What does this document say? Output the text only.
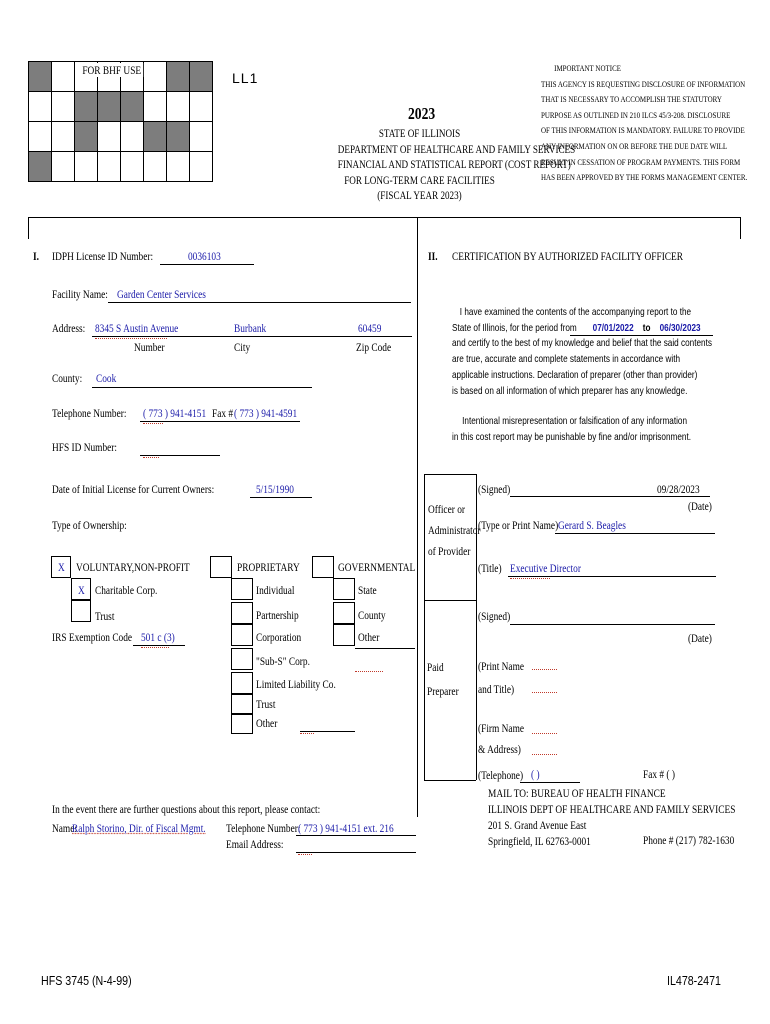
FOR BHF USE	LL1
IMPORTANT NOTICE
THIS AGENCY IS REQUESTING DISCLOSURE OF INFORMATION
THAT IS NECESSARY TO ACCOMPLISH THE STATUTORY
PURPOSE AS OUTLINED IN 210 ILCS 45/3-208. DISCLOSURE
OF THIS INFORMATION IS MANDATORY. FAILURE TO PROVIDE
ANY INFORMATION ON OR BEFORE THE DUE DATE WILL
RESULT IN CESSATION OF PROGRAM PAYMENTS. THIS FORM
HAS BEEN APPROVED BY THE FORMS MANAGEMENT CENTER.
2023
STATE OF ILLINOIS
DEPARTMENT OF HEALTHCARE AND FAMILY SERVICES
FINANCIAL AND STATISTICAL REPORT (COST REPORT)
FOR LONG-TERM CARE FACILITIES
(FISCAL YEAR 2023)
I. IDPH License ID Number:	0036103
Facility Name: Garden Center Services
Address: 8345 S Austin Avenue	Burbank	60459
Number	City	Zip Code
County: Cook
Telephone Number: ( 773 ) 941-4151 Fax # ( 773 ) 941-4591
HFS ID Number:
Date of Initial License for Current Owners:	5/15/1990
Type of Ownership:
X VOLUNTARY,NON-PROFIT
X Charitable Corp.
Trust
IRS Exemption Code 501 c (3)
PROPRIETARY
Individual
Partnership
Corporation
"Sub-S" Corp.
Limited Liability Co.
Trust
Other
GOVERNMENTAL
State
County
Other
In the event there are further questions about this report, please contact:
Name:
Ralph Storino, Dir. of Fiscal Mgmt. Telephone Number:
( 773 ) 941-4151 ext. 216
Email Address:
II. CERTIFICATION BY AUTHORIZED FACILITY OFFICER
I have examined the contents of the accompanying report to the
State of Illinois, for the period from 07/01/2022 to 06/30/2023
and certify to the best of my knowledge and belief that the said contents
are true, accurate and complete statements in accordance with
applicable instructions. Declaration of preparer (other than provider)
is based on all information of which preparer has any knowledge.
Intentional misrepresentation or falsification of any information
in this cost report may be punishable by fine and/or imprisonment.
Officer or
Administrator
of Provider
(Signed)	09/28/2023
(Date)
(Type or Print Name) Gerard S. Beagles
(Title) Executive Director
Paid
Preparer
(Signed)
(Date)
(Print Name
and Title)
(Firm Name
& Address)
(Telephone) ( )	Fax # ( )
MAIL TO: BUREAU OF HEALTH FINANCE
ILLINOIS DEPT OF HEALTHCARE AND FAMILY SERVICES
201 S. Grand Avenue East
Springfield, IL 62763-0001	Phone # (217) 782-1630
HFS 3745 (N-4-99)	IL478-2471
